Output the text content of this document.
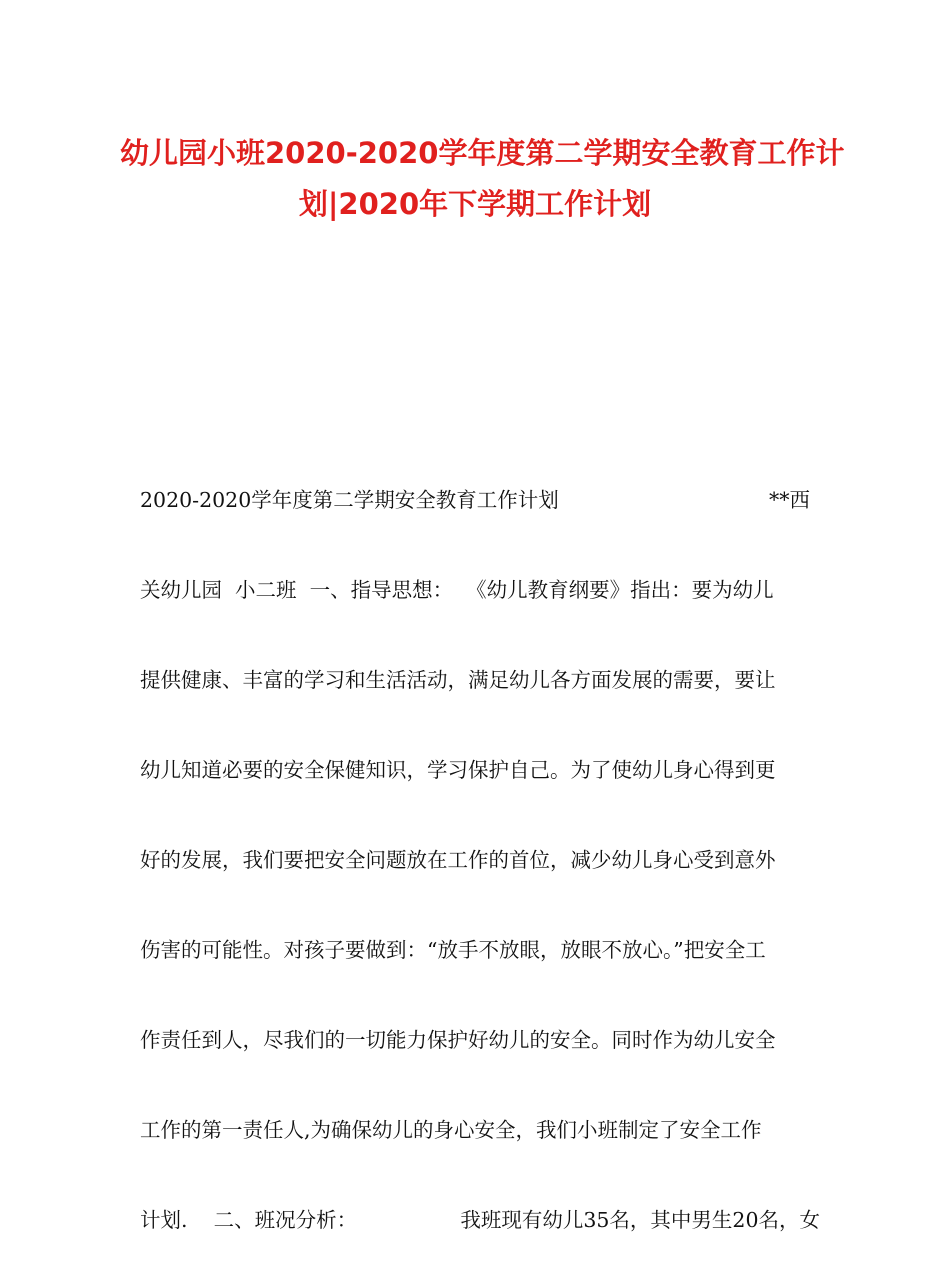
幼儿园小班2020-2020学年度第二学期安全教育工作计
划|2020年下学期工作计划
2020-2020学年度第二学期安全教育工作计划	**西
关幼儿园  小二班  一、指导思想：  《幼儿教育纲要》指出：要为幼儿
提供健康、丰富的学习和生活活动，满足幼儿各方面发展的需要，要让
幼儿知道必要的安全保健知识，学习保护自己。为了使幼儿身心得到更
好的发展，我们要把安全问题放在工作的首位，减少幼儿身心受到意外
伤害的可能性。对孩子要做到：“放手不放眼，放眼不放心。”把安全工
作责任到人，尽我们的一切能力保护好幼儿的安全。同时作为幼儿安全
工作的第一责任人,为确保幼儿的身心安全，我们小班制定了安全工作
计划.    二、班况分析：	我班现有幼儿35名，其中男生20名，女
